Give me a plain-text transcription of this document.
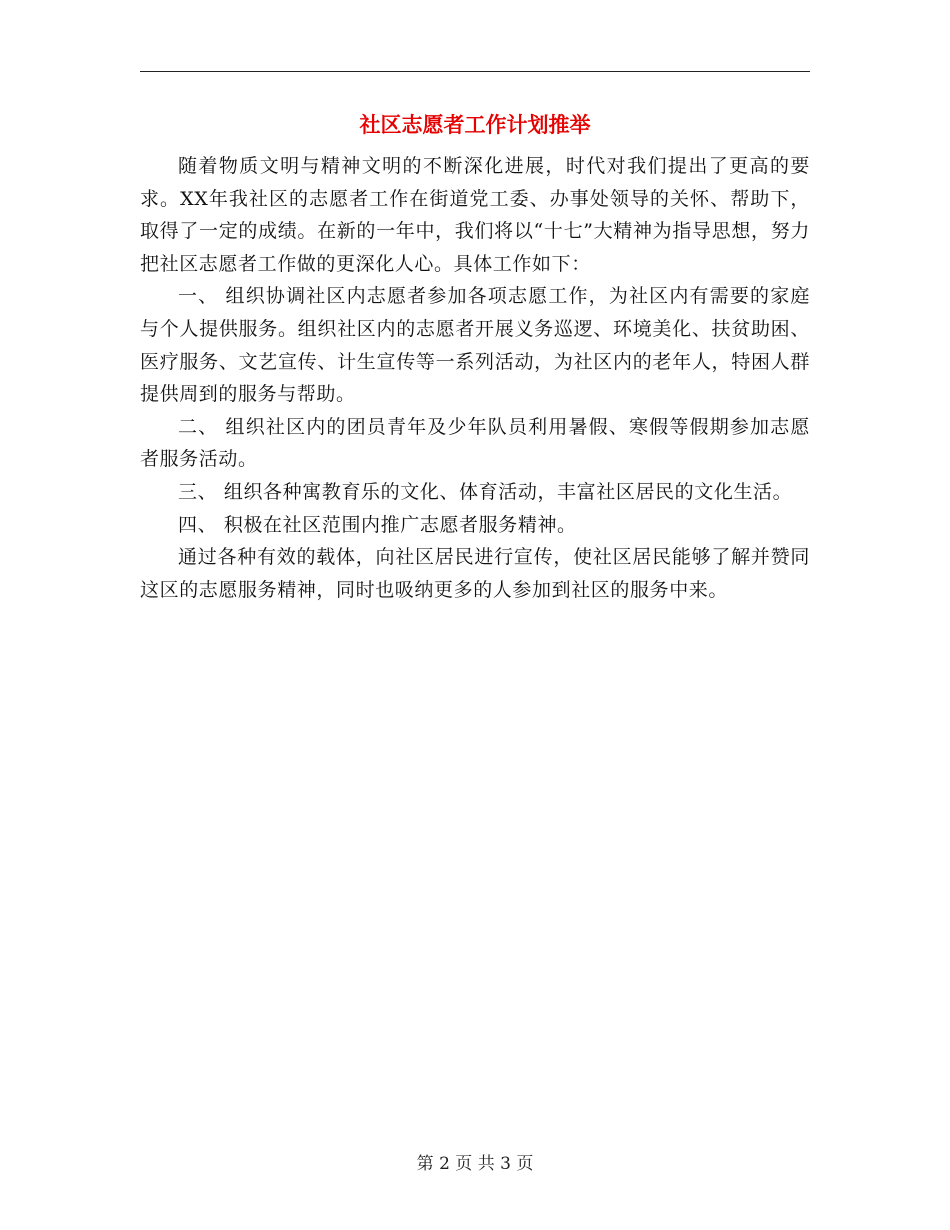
社区志愿者工作计划推举

随着物质文明与精神文明的不断深化进展，时代对我们提出了更高的要求。XX年我社区的志愿者工作在街道党工委、办事处领导的关怀、帮助下，取得了一定的成绩。在新的一年中，我们将以“十七”大精神为指导思想，努力把社区志愿者工作做的更深化人心。具体工作如下：

一、 组织协调社区内志愿者参加各项志愿工作，为社区内有需要的家庭与个人提供服务。组织社区内的志愿者开展义务巡逻、环境美化、扶贫助困、医疗服务、文艺宣传、计生宣传等一系列活动，为社区内的老年人，特困人群提供周到的服务与帮助。

二、 组织社区内的团员青年及少年队员利用暑假、寒假等假期参加志愿者服务活动。

三、 组织各种寓教育乐的文化、体育活动，丰富社区居民的文化生活。

四、 积极在社区范围内推广志愿者服务精神。

通过各种有效的载体，向社区居民进行宣传，使社区居民能够了解并赞同这区的志愿服务精神，同时也吸纳更多的人参加到社区的服务中来。

第 2 页 共 3 页
